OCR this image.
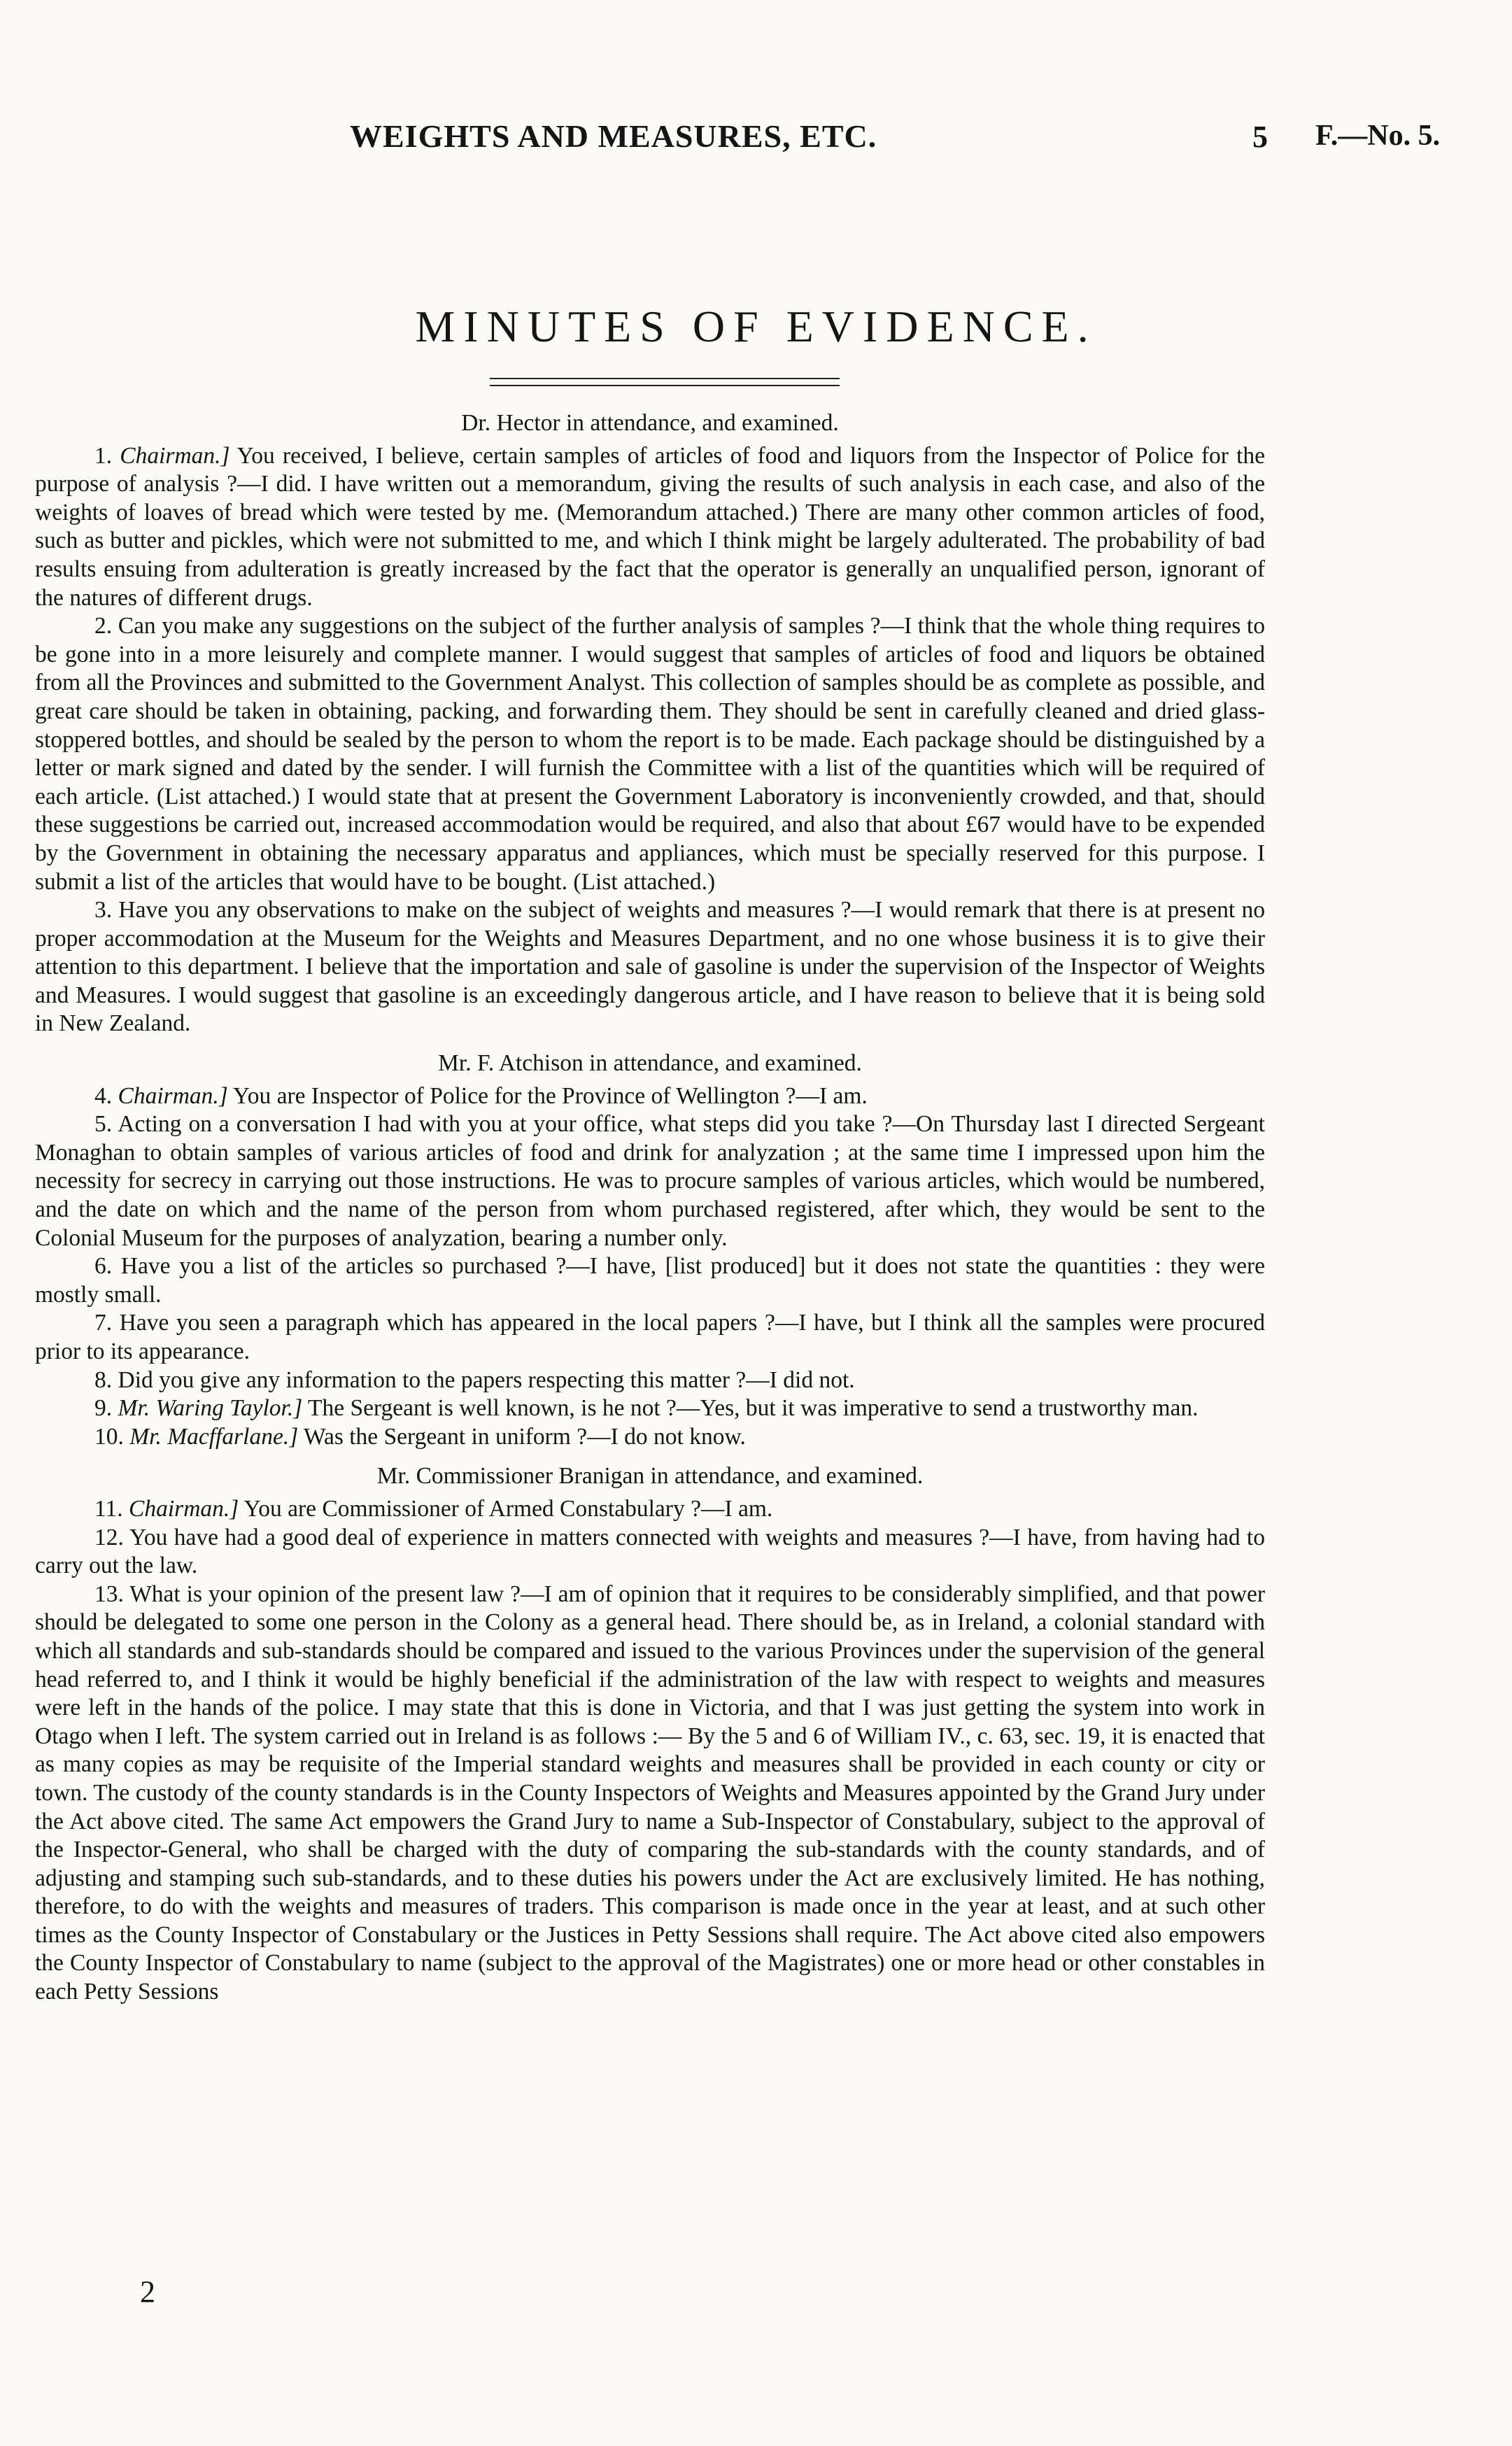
WEIGHTS AND MEASURES, ETC.	5 F.—No. 5.
MINUTES OF EVIDENCE.

Dr. Hector in attendance, and examined.

1. Chairman.] You received, I believe, certain samples of articles of food and liquors from the Inspector of Police for the purpose of analysis ?—I did. I have written out a memorandum, giving the results of such analysis in each case, and also of the weights of loaves of bread which were tested by me. (Memorandum attached.) There are many other common articles of food, such as butter and pickles, which were not submitted to me, and which I think might be largely adulterated. The probability of bad results ensuing from adulteration is greatly increased by the fact that the operator is generally an unqualified person, ignorant of the natures of different drugs.

2. Can you make any suggestions on the subject of the further analysis of samples ?—I think that the whole thing requires to be gone into in a more leisurely and complete manner. I would suggest that samples of articles of food and liquors be obtained from all the Provinces and submitted to the Government Analyst. This collection of samples should be as complete as possible, and great care should be taken in obtaining, packing, and forwarding them. They should be sent in carefully cleaned and dried glass-stoppered bottles, and should be sealed by the person to whom the report is to be made. Each package should be distinguished by a letter or mark signed and dated by the sender. I will furnish the Committee with a list of the quantities which will be required of each article. (List attached.) I would state that at present the Government Laboratory is inconveniently crowded, and that, should these suggestions be carried out, increased accommodation would be required, and also that about £67 would have to be expended by the Government in obtaining the necessary apparatus and appliances, which must be specially reserved for this purpose. I submit a list of the articles that would have to be bought. (List attached.)

3. Have you any observations to make on the subject of weights and measures ?—I would remark that there is at present no proper accommodation at the Museum for the Weights and Measures Department, and no one whose business it is to give their attention to this department. I believe that the importation and sale of gasoline is under the supervision of the Inspector of Weights and Measures. I would suggest that gasoline is an exceedingly dangerous article, and I have reason to believe that it is being sold in New Zealand.

Mr. F. Atchison in attendance, and examined.

4. Chairman.] You are Inspector of Police for the Province of Wellington ?—I am.

5. Acting on a conversation I had with you at your office, what steps did you take ?—On Thursday last I directed Sergeant Monaghan to obtain samples of various articles of food and drink for analyzation ; at the same time I impressed upon him the necessity for secrecy in carrying out those instructions. He was to procure samples of various articles, which would be numbered, and the date on which and the name of the person from whom purchased registered, after which, they would be sent to the Colonial Museum for the purposes of analyzation, bearing a number only.

6. Have you a list of the articles so purchased ?—I have, [list produced] but it does not state the quantities : they were mostly small.

7. Have you seen a paragraph which has appeared in the local papers ?—I have, but I think all the samples were procured prior to its appearance.

8. Did you give any information to the papers respecting this matter ?—I did not.

9. Mr. Waring Taylor.] The Sergeant is well known, is he not ?—Yes, but it was imperative to send a trustworthy man.

10. Mr. Macffarlane.] Was the Sergeant in uniform ?—I do not know.

Mr. Commissioner Branigan in attendance, and examined.

11. Chairman.] You are Commissioner of Armed Constabulary ?—I am.

12. You have had a good deal of experience in matters connected with weights and measures ?—I have, from having had to carry out the law.

13. What is your opinion of the present law ?—I am of opinion that it requires to be considerably simplified, and that power should be delegated to some one person in the Colony as a general head. There should be, as in Ireland, a colonial standard with which all standards and sub-standards should be compared and issued to the various Provinces under the supervision of the general head referred to, and I think it would be highly beneficial if the administration of the law with respect to weights and measures were left in the hands of the police. I may state that this is done in Victoria, and that I was just getting the system into work in Otago when I left. The system carried out in Ireland is as follows :— By the 5 and 6 of William IV., c. 63, sec. 19, it is enacted that as many copies as may be requisite of the Imperial standard weights and measures shall be provided in each county or city or town. The custody of the county standards is in the County Inspectors of Weights and Measures appointed by the Grand Jury under the Act above cited. The same Act empowers the Grand Jury to name a Sub-Inspector of Constabulary, subject to the approval of the Inspector-General, who shall be charged with the duty of comparing the sub-standards with the county standards, and of adjusting and stamping such sub-standards, and to these duties his powers under the Act are exclusively limited. He has nothing, therefore, to do with the weights and measures of traders. This comparison is made once in the year at least, and at such other times as the County Inspector of Constabulary or the Justices in Petty Sessions shall require. The Act above cited also empowers the County Inspector of Constabulary to name (subject to the approval of the Magistrates) one or more head or other constables in each Petty Sessions

2
